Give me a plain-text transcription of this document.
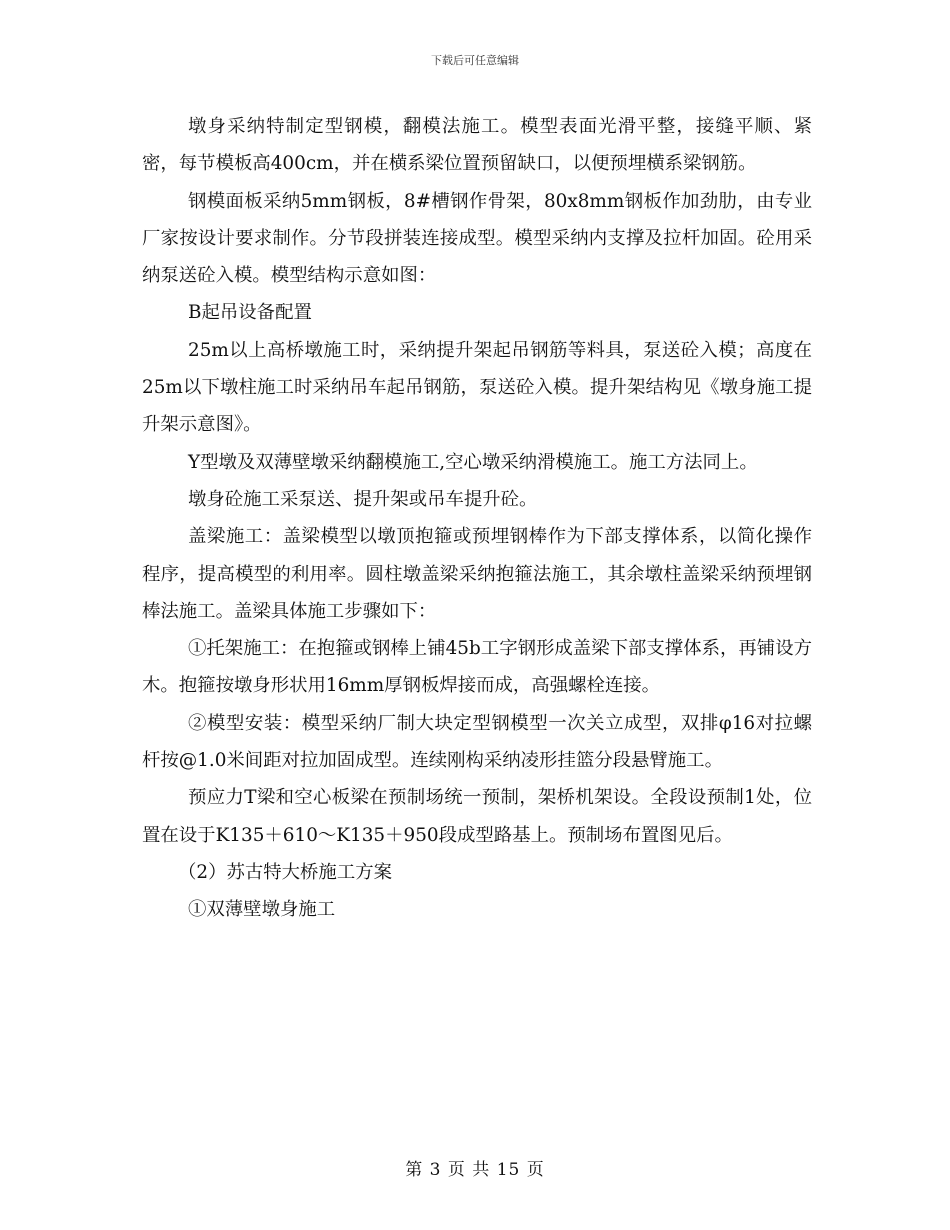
下载后可任意编辑

墩身采纳特制定型钢模，翻模法施工。模型表面光滑平整，接缝平顺、紧密，每节模板高400cm，并在横系梁位置预留缺口，以便预埋横系梁钢筋。

钢模面板采纳5mm钢板，8#槽钢作骨架，80x8mm钢板作加劲肋，由专业厂家按设计要求制作。分节段拼装连接成型。模型采纳内支撑及拉杆加固。砼用采纳泵送砼入模。模型结构示意如图：

B起吊设备配置

25m以上高桥墩施工时，采纳提升架起吊钢筋等料具，泵送砼入模；高度在25m以下墩柱施工时采纳吊车起吊钢筋，泵送砼入模。提升架结构见《墩身施工提升架示意图》。

Y型墩及双薄壁墩采纳翻模施工,空心墩采纳滑模施工。施工方法同上。

墩身砼施工采泵送、提升架或吊车提升砼。

盖梁施工：盖梁模型以墩顶抱箍或预埋钢棒作为下部支撑体系，以简化操作程序，提高模型的利用率。圆柱墩盖梁采纳抱箍法施工，其余墩柱盖梁采纳预埋钢棒法施工。盖梁具体施工步骤如下：

①托架施工：在抱箍或钢棒上铺45b工字钢形成盖梁下部支撑体系，再铺设方木。抱箍按墩身形状用16mm厚钢板焊接而成，高强螺栓连接。

②模型安装：模型采纳厂制大块定型钢模型一次关立成型，双排φ16对拉螺杆按@1.0米间距对拉加固成型。连续刚构采纳凌形挂篮分段悬臂施工。

预应力T梁和空心板梁在预制场统一预制，架桥机架设。全段设预制1处，位置在设于K135＋610～K135＋950段成型路基上。预制场布置图见后。

（2）苏古特大桥施工方案

①双薄壁墩身施工

第 3 页 共 15 页
